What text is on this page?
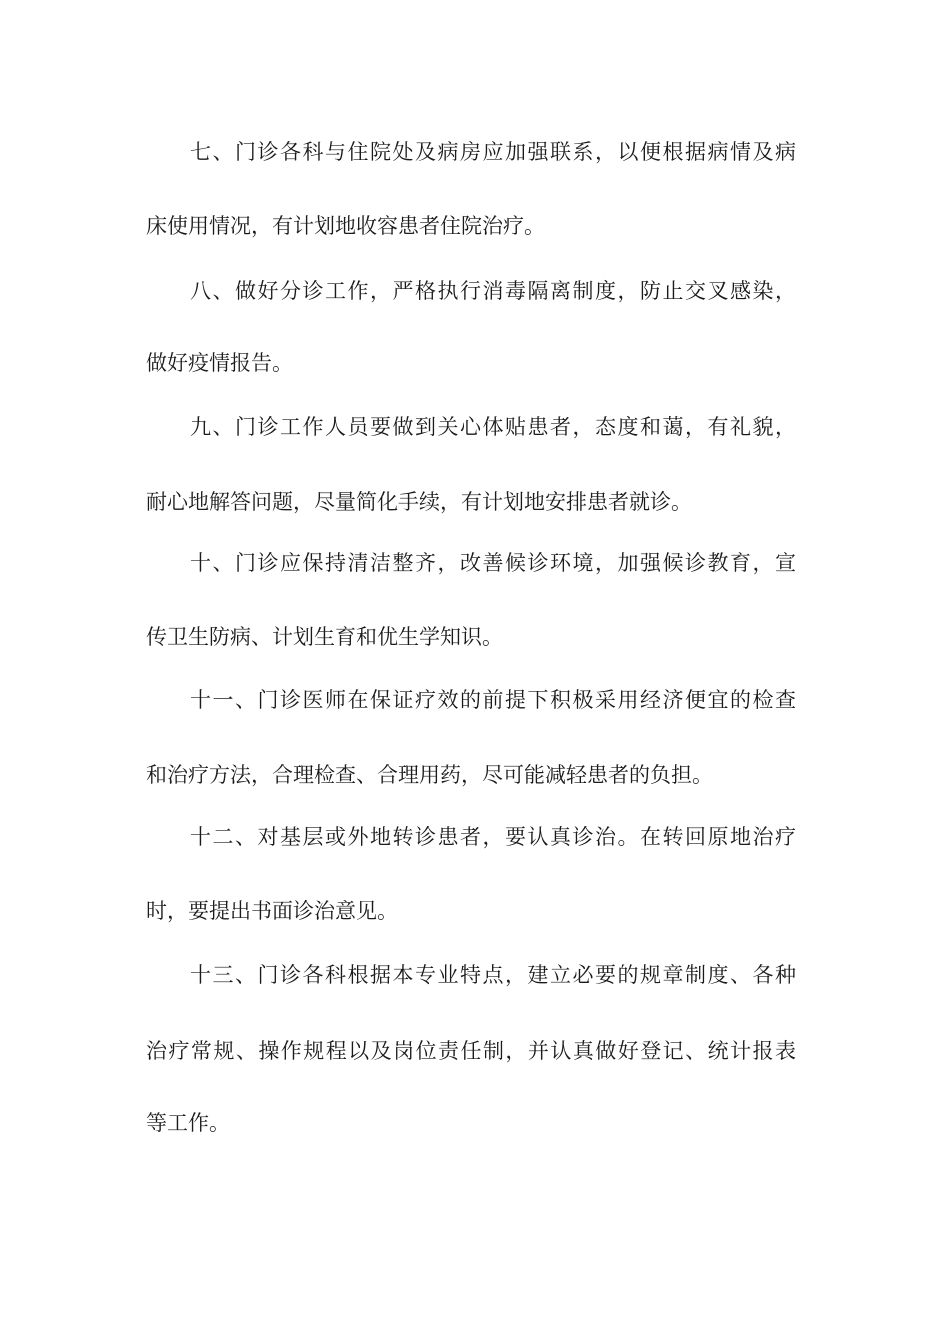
七、门诊各科与住院处及病房应加强联系，以便根据病情及病
床使用情况，有计划地收容患者住院治疗。
八、做好分诊工作，严格执行消毒隔离制度，防止交叉感染，
做好疫情报告。
九、门诊工作人员要做到关心体贴患者，态度和蔼，有礼貌，
耐心地解答问题，尽量简化手续，有计划地安排患者就诊。
十、门诊应保持清洁整齐，改善候诊环境，加强候诊教育，宣
传卫生防病、计划生育和优生学知识。
十一、门诊医师在保证疗效的前提下积极采用经济便宜的检查
和治疗方法，合理检查、合理用药，尽可能减轻患者的负担。
十二、对基层或外地转诊患者，要认真诊治。在转回原地治疗
时，要提出书面诊治意见。
十三、门诊各科根据本专业特点，建立必要的规章制度、各种
治疗常规、操作规程以及岗位责任制，并认真做好登记、统计报表
等工作。
